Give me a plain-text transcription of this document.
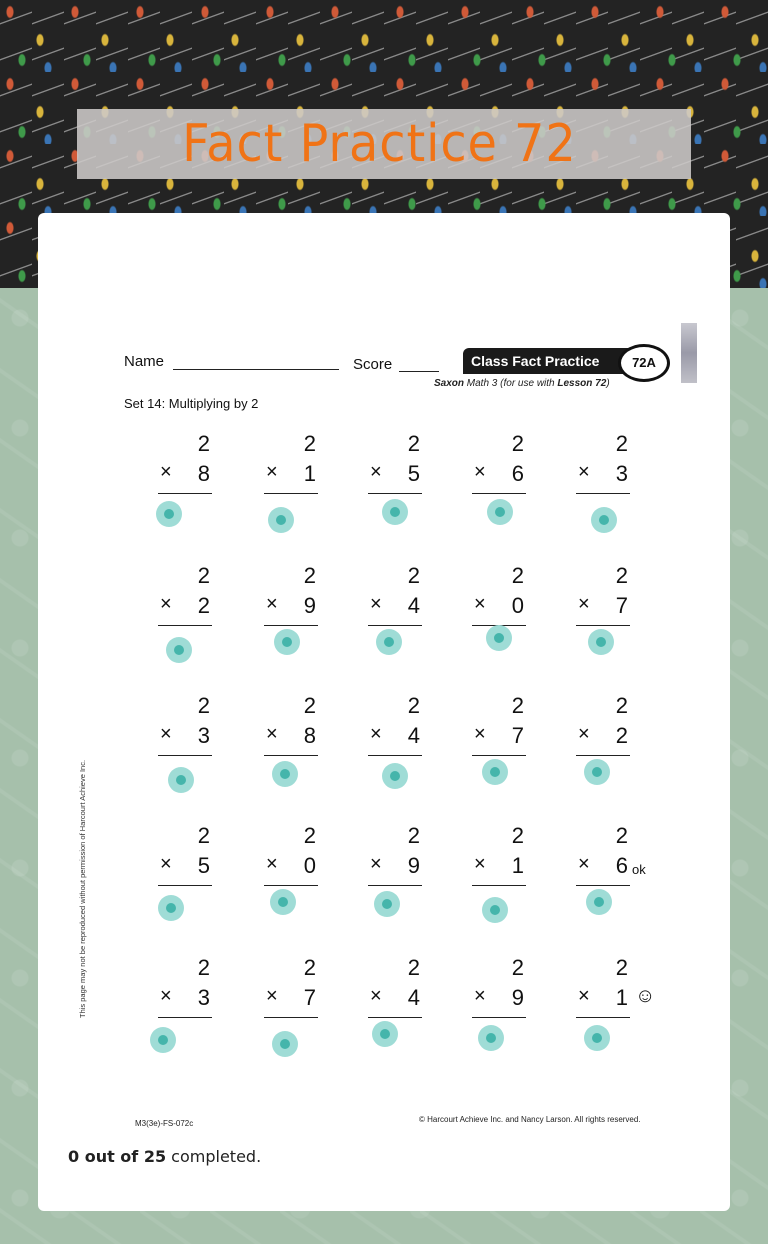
Fact Practice 72
Name	Score	Class Fact Practice	72A
Saxon Math 3 (for use with Lesson 72)
Set 14: Multiplying by 2
This page may not be reproduced without permission of Harcourt Achieve Inc.
2
× 8
2
× 1
2
× 5
2
× 6
2
× 3
2
× 2
2
× 9
2
× 4
2
× 0
2
× 7
2
× 3
2
× 8
2
× 4
2
× 7
2
× 2
2
× 5
2
× 0
2
× 9
2
× 1
2
× 6
2
× 3
2
× 7
2
× 4
2
× 9
2
× 1
ok
☺
M3(3e)-FS-072c	© Harcourt Achieve Inc. and Nancy Larson. All rights reserved.
0 out of 25 completed.
